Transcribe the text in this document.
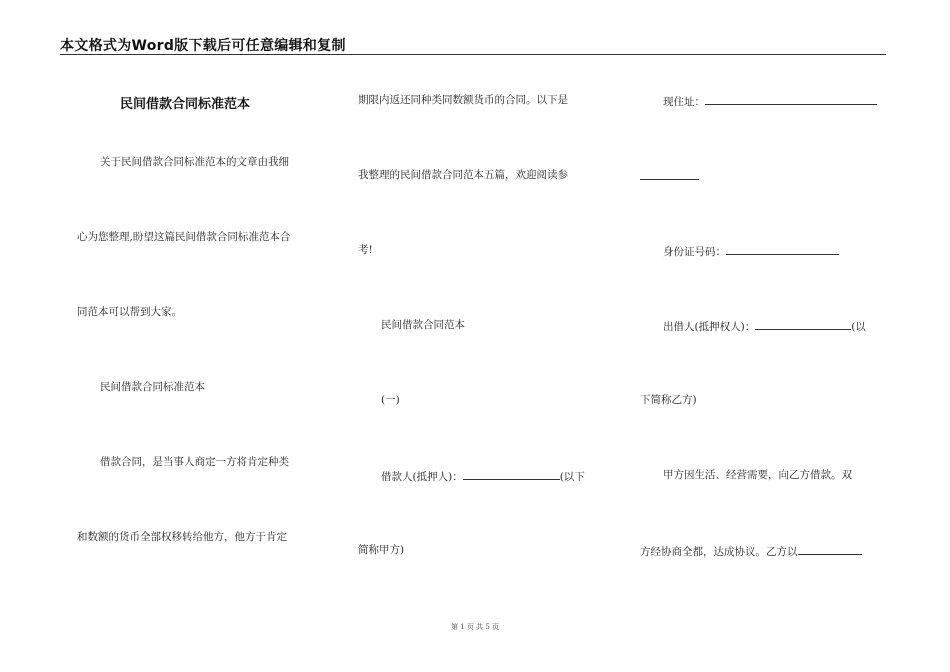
本文格式为Word版下载后可任意编辑和复制
民间借款合同标准范本
关于民间借款合同标准范本的文章由我细
心为您整理,盼望这篇民间借款合同标准范本合
同范本可以帮到大家。
民间借款合同标准范本
借款合同，是当事人商定一方将肯定种类
和数额的货币全部权移转给他方，他方于肯定
期限内返还同种类同数额货币的合同。以下是
我整理的民间借款合同范本五篇，欢迎阅读参
考!
民间借款合同范本
(一)
借款人(抵押人)：	(以下
简称甲方)
现住址：
身份证号码：
出借人(抵押权人)：	(以
下简称乙方)
甲方因生活、经营需要，向乙方借款。双
方经协商全都，达成协议。乙方以
第 1 页 共 5 页
